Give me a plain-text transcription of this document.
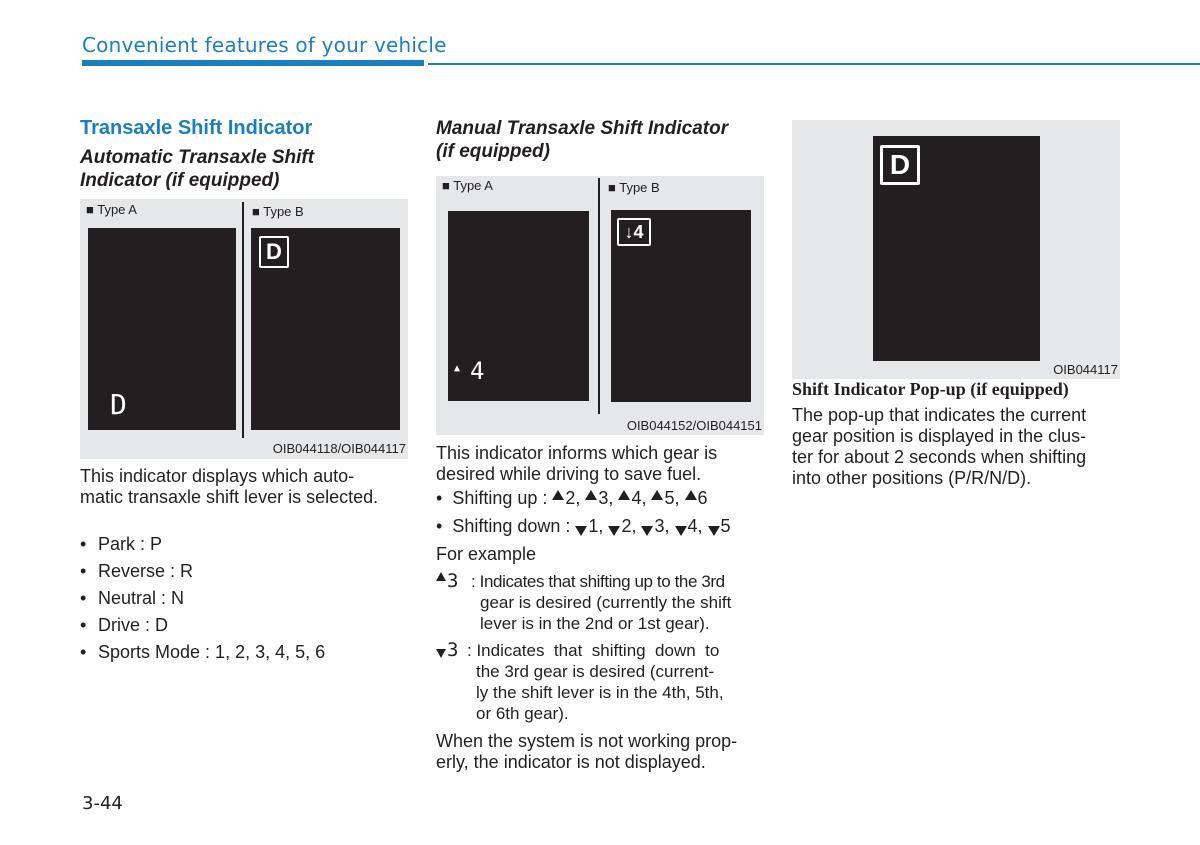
Convenient features of your vehicle
Transaxle Shift Indicator
Automatic Transaxle Shift
Indicator (if equipped)
■ Type A	■ Type B
D
D
OIB044118/OIB044117
This indicator displays which auto-
matic transaxle shift lever is selected.
• Park : P
• Reverse : R
• Neutral : N
• Drive : D
• Sports Mode : 1, 2, 3, 4, 5, 6
Manual Transaxle Shift Indicator
(if equipped)
■ Type A	■ Type B
▲ 4
↓4
OIB044152/OIB044151
This indicator informs which gear is
desired while driving to save fuel.
•  Shifting up : 2, 3, 4, 5, 6
•  Shifting down : 1, 2, 3, 4, 5
For example
3 : Indicates that shifting up to the 3rd
gear is desired (currently the shift
lever is in the 2nd or 1st gear).
3 : Indicates  that  shifting  down  to
the 3rd gear is desired (current-
ly the shift lever is in the 4th, 5th,
or 6th gear).
When the system is not working prop-
erly, the indicator is not displayed.
D
OIB044117
Shift Indicator Pop-up (if equipped)
The pop-up that indicates the current
gear position is displayed in the clus-
ter for about 2 seconds when shifting
into other positions (P/R/N/D).
3-44
